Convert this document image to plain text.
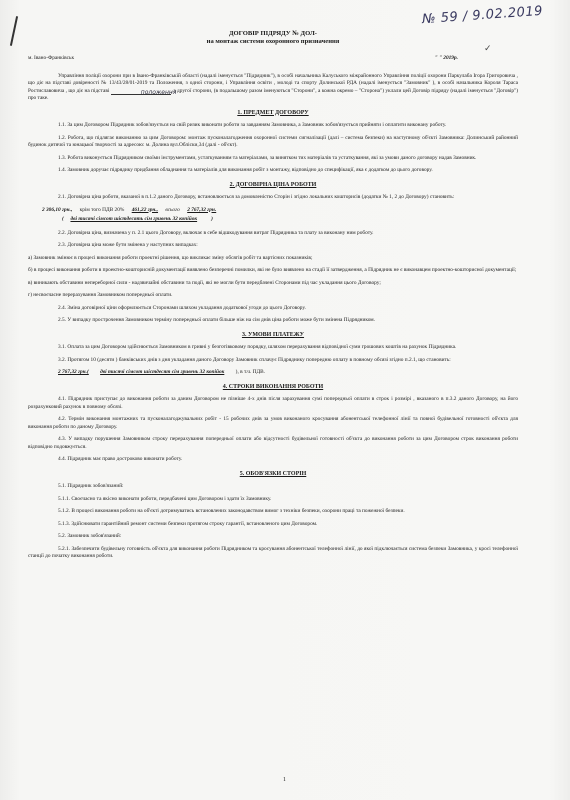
№ 59 / 9.02.2019
✓
ДОГОВІР ПІДРЯДУ № ДОЛ-
на монтаж системи охоронного призначення
м. Івано-Франківськ	" " 2019р.

Управління поліції охорони при в Івано-Франківській області (надалі іменується "Підрядник"), в особі начальника Калуського міжрайонного Управління поліції охорони Паркулаба Ігора Григоровича , що діє на підставі довіреності № 13/43/28/01-2019 та Положення, з одної сторони, і Управління освіти , молоді та спорту Долинської РДА (надалі іменується "Замовник" ), в особі начальника Короля Тараса Ростиславовича , що діє на підставі	положення, з другої сторони, (в подальшому разом іменуються "Сторони", а кожна окремо – "Сторона") уклали цей Договір підряду (надалі іменується "Договір") про таке.

1. ПРЕДМЕТ ДОГОВОРУ

1.1. За цим Договором Підрядник зобов'язується на свій ризик виконати роботи за завданням Замовника, а Замовник зобов'язується прийняти і оплатити виконану роботу.

1.2. Робота, що підлягає виконанню за цим Договором: монтаж пусконалагодження охоронної системи сигналізації (далі – система безпеки) на наступному об'єкті Замовника: Долинський районний будинок дитячої та юнацької творчості за адресою: м. Долина вул.Обліски,34 (далі - об'єкт).

1.3. Робота виконується Підрядником своїми інструментами, устаткуванням та матеріалами, за винятком тих матеріалів та устаткування, які за умови даного договору надав Замовник.

1.4. Замовник доручає підрядику придбання обладнання та матеріалів для виконання робіт з монтажу, відповідно до специфікації, яка є додатком до цього договору.

2. ДОГОВІРНА ЦІНА РОБОТИ

2.1. Договірна ціна роботи, вказаної в п.1.2 даного Договору, встановлюється за домовленістю Сторін і згідно локальних кошторисів (додатки № 1, 2 до Договору) становить:

2 306,10 грн., крім того ПДВ 20% 461,22 грн., всього 2 767,32 грн.
(     дві тисячі сімсот шістдесять сім гривень 32 копійок      )

2.2. Договірна ціна, визначена у п. 2.1 цього Договору, включає в себе відшкодування витрат Підрядника та плату за виконану ним роботу.

2.3. Договірна ціна може бути змінена у наступних випадках:

а) Замовник змінює в процесі виконання роботи проектні рішення, що викликає зміну обсягів робіт та вартісних показників;

б) в процесі виконання роботи в проектно-кошторисній документації виявлено безперечні помилки, які не було виявлено на стадії її затвердження, а Підрядник не є виконавцем проектно-кошторисної документації;

в) виникають обставини непереборної сили - надзвичайні обставини та події, які не могли бути передбачені Сторонами під час укладання цього Договору;

г) несвоєчасне перерахування Замовником попередньої оплати.

2.4. Зміна договірної ціни оформлюється Сторонами шляхом укладання додаткової угоди до цього Договору.

2.5. У випадку прострочення Замовником терміну попередньої оплати більше ніж на сім днів ціна роботи може бути змінена Підрядником.

3. УМОВИ ПЛАТЕЖУ

3.1. Оплата за цим Договором здійснюється Замовником в гривні у безготівковому порядку, шляхом перерахування відповідної суми грошових коштів на рахунок Підрядника.

3.2. Протягом 10 (десяти ) банківських днів з дня укладання даного Договору Замовник сплачує Підряднику попередню оплату в повному обсязі згідно п.2.1, що становить:

2 767,32 грн.( дві тисячі сімсот шістдесят сім гривень 32 копійок ), в т.ч. ПДВ.
4. СТРОКИ ВИКОНАННЯ РОБОТИ

4.1. Підрядник приступає до виконання роботи за даним Договором не пізніше 4-х днів після зарахування сумі попередньої оплати в строк і розмірі , вказаного в п.3.2 даного Договору, на його розрахунковий рахунок в повному обсязі.

4.2. Термін виконання монтажних та пусконалагоджувальних робіт - 15 робочих днів за умов виконаного кросування абонентської телефонної лінії та повної будівельної готовності об'єкта для виконання роботи по даному Договору.

4.3. У випадку порушення Замовником строку перерахування попередньої оплати або відсутності будівельної готовності об'єкта до виконання роботи за цим Договором строк виконання роботи відповідно подовжується.

4.4. Підрядник має право достроково виконати роботу.

5. ОБОВ'ЯЗКИ СТОРІН

5.1. Підрядник зобов'язаний:

5.1.1. Своєчасно та якісно виконати роботи, передбачені цим Договором і здати їх Замовнику.

5.1.2. В процесі виконання роботи на об'єкті дотримуватись встановлених законодавством вимог з техніки безпеки, охорони праці та пожежної безпеки.

5.1.3. Здійснювати гарантійний ремонт системи безпеки протягом строку гарантії, встановленого цим Договором.

5.2. Замовник зобов'язаний:

5.2.1. Забезпечити будівельну готовність об'єкта для виконання роботи Підрядником та кросування абонентської телефонної лінії, до якої підключається система безпеки Замовника, у кросі телефонної станції до початку виконання роботи.

1
